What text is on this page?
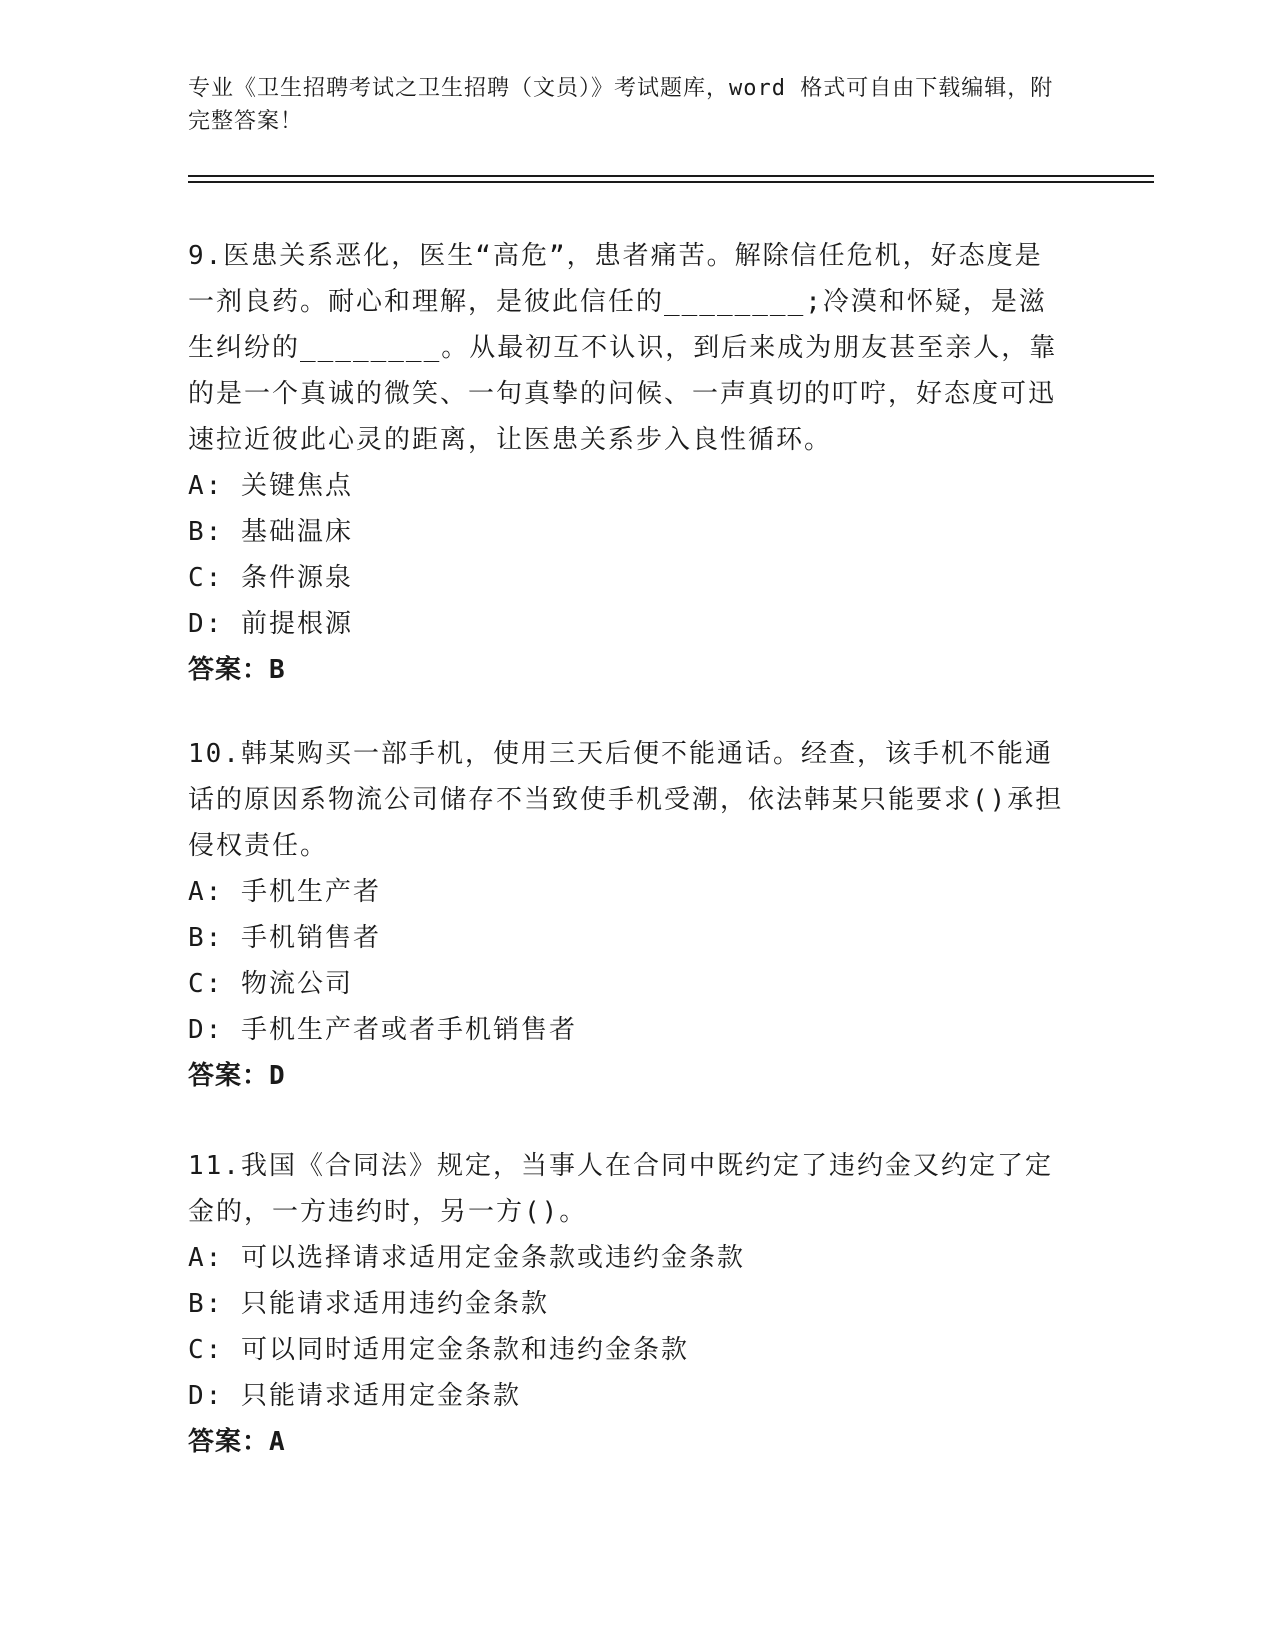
专业《卫生招聘考试之卫生招聘（文员）》考试题库，word 格式可自由下载编辑，附完整答案！

9.医患关系恶化，医生“高危”，患者痛苦。解除信任危机，好态度是一剂良药。耐心和理解，是彼此信任的________;冷漠和怀疑，是滋生纠纷的________。从最初互不认识，到后来成为朋友甚至亲人，靠的是一个真诚的微笑、一句真挚的问候、一声真切的叮咛，好态度可迅速拉近彼此心灵的距离，让医患关系步入良性循环。

A: 关键焦点

B: 基础温床

C: 条件源泉

D: 前提根源

答案：B

10.韩某购买一部手机，使用三天后便不能通话。经查，该手机不能通话的原因系物流公司储存不当致使手机受潮，依法韩某只能要求()承担侵权责任。

A: 手机生产者

B: 手机销售者

C: 物流公司

D: 手机生产者或者手机销售者

答案：D

11.我国《合同法》规定，当事人在合同中既约定了违约金又约定了定金的，一方违约时，另一方()。

A: 可以选择请求适用定金条款或违约金条款

B: 只能请求适用违约金条款

C: 可以同时适用定金条款和违约金条款

D: 只能请求适用定金条款

答案：A
